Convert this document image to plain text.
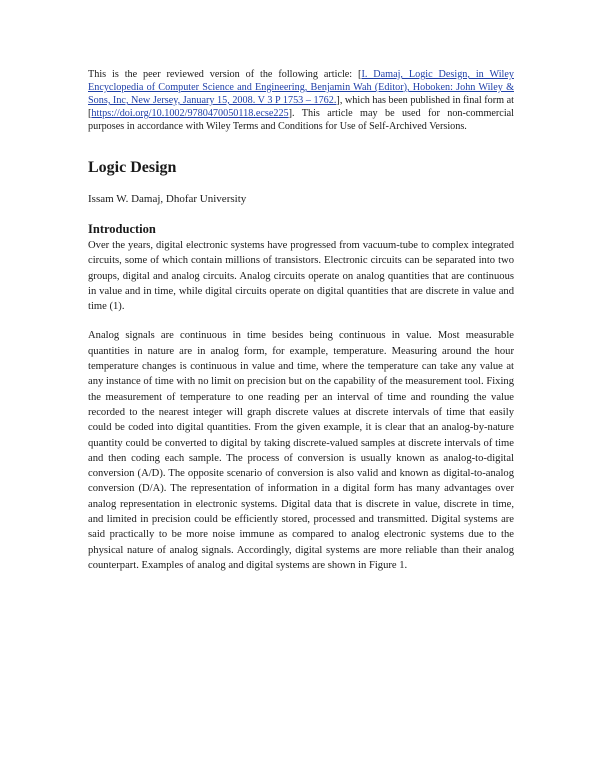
This is the peer reviewed version of the following article: [I. Damaj, Logic Design, in Wiley Encyclopedia of Computer Science and Engineering, Benjamin Wah (Editor), Hoboken: John Wiley & Sons, Inc, New Jersey, January 15, 2008. V 3 P 1753 – 1762.], which has been published in final form at [https://doi.org/10.1002/9780470050118.ecse225]. This article may be used for non-commercial purposes in accordance with Wiley Terms and Conditions for Use of Self-Archived Versions.

Logic Design

Issam W. Damaj, Dhofar University

Introduction

Over the years, digital electronic systems have progressed from vacuum-tube to complex integrated circuits, some of which contain millions of transistors. Electronic circuits can be separated into two groups, digital and analog circuits. Analog circuits operate on analog quantities that are continuous in value and in time, while digital circuits operate on digital quantities that are discrete in value and time (1).

Analog signals are continuous in time besides being continuous in value. Most measurable quantities in nature are in analog form, for example, temperature. Measuring around the hour temperature changes is continuous in value and time, where the temperature can take any value at any instance of time with no limit on precision but on the capability of the measurement tool. Fixing the measurement of temperature to one reading per an interval of time and rounding the value recorded to the nearest integer will graph discrete values at discrete intervals of time that easily could be coded into digital quantities. From the given example, it is clear that an analog-by-nature quantity could be converted to digital by taking discrete-valued samples at discrete intervals of time and then coding each sample. The process of conversion is usually known as analog-to-digital conversion (A/D). The opposite scenario of conversion is also valid and known as digital-to-analog conversion (D/A). The representation of information in a digital form has many advantages over analog representation in electronic systems. Digital data that is discrete in value, discrete in time, and limited in precision could be efficiently stored, processed and transmitted. Digital systems are said practically to be more noise immune as compared to analog electronic systems due to the physical nature of analog signals. Accordingly, digital systems are more reliable than their analog counterpart. Examples of analog and digital systems are shown in Figure 1.
